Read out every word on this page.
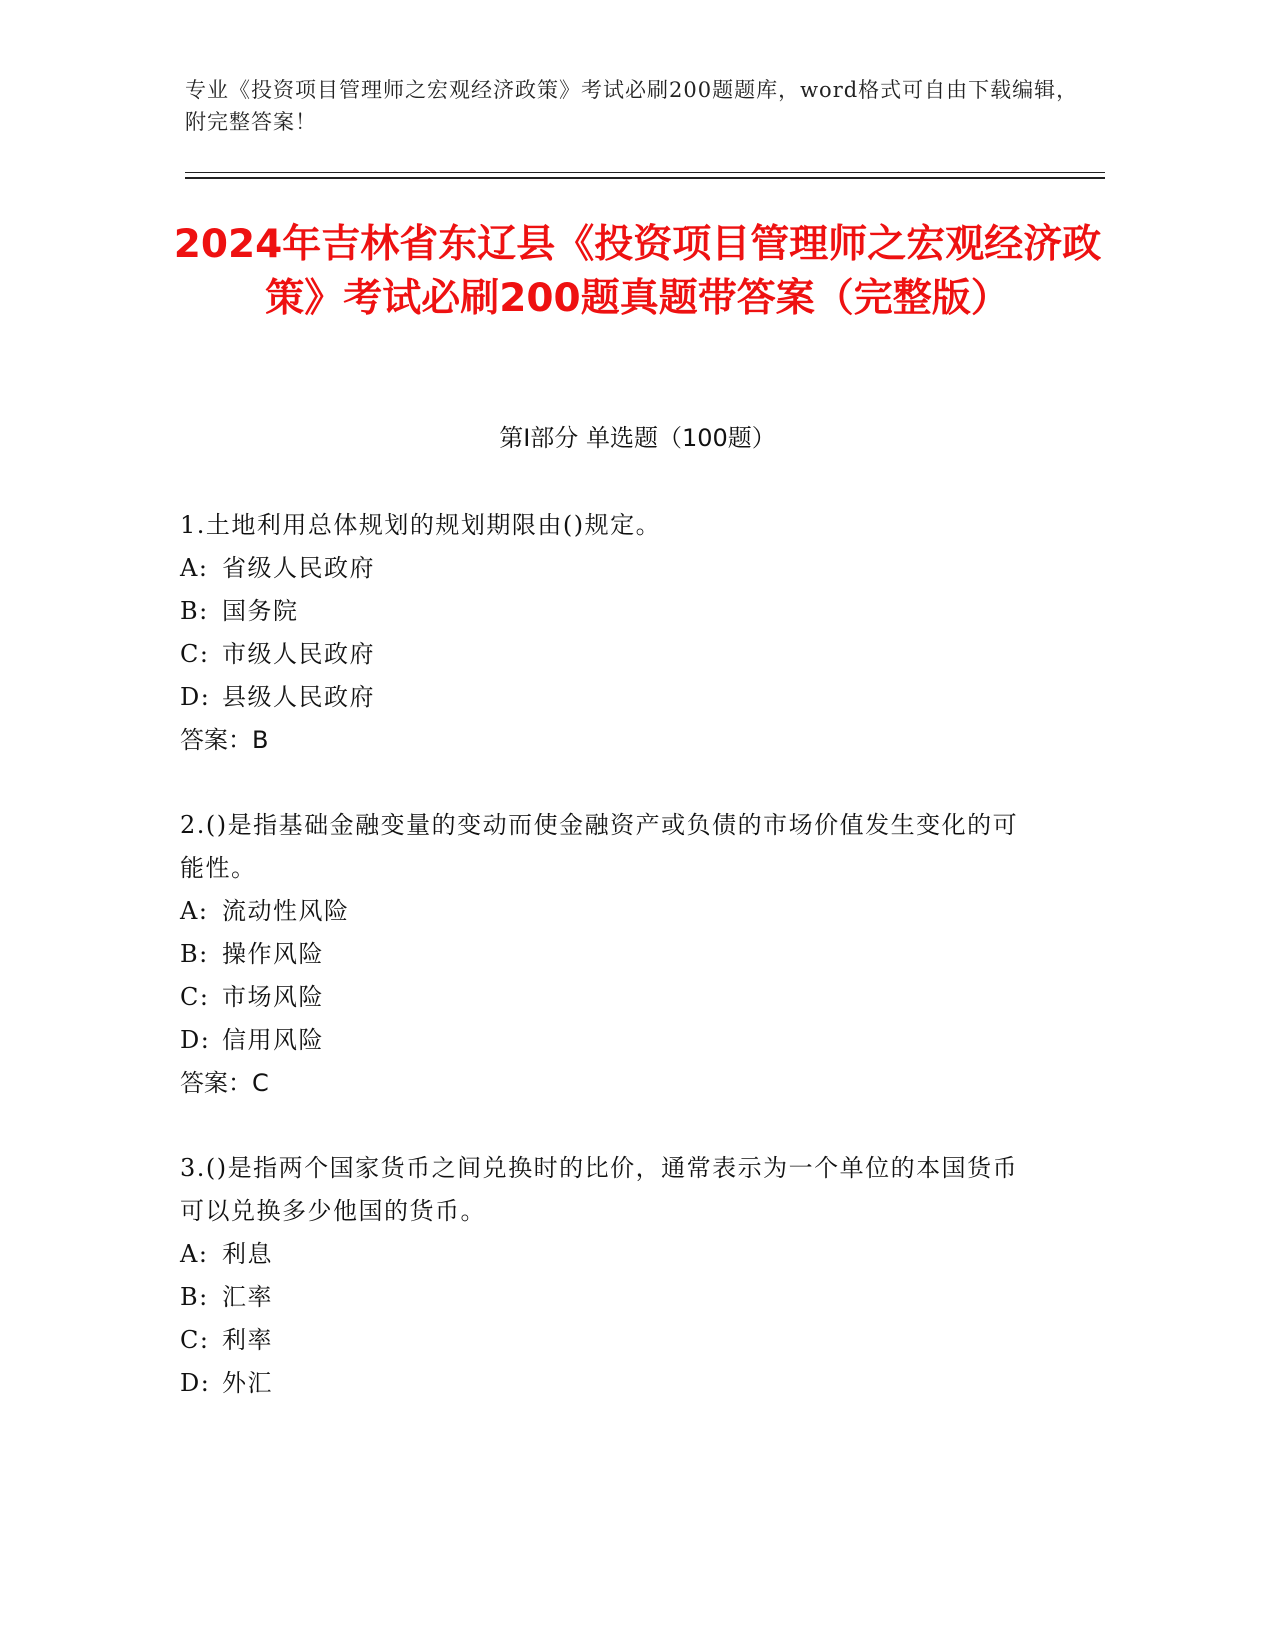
专业《投资项目管理师之宏观经济政策》考试必刷200题题库，word格式可自由下载编辑，附完整答案！
2024年吉林省东辽县《投资项目管理师之宏观经济政策》考试必刷200题真题带答案（完整版）
第Ⅰ部分 单选题（100题）
1.土地利用总体规划的规划期限由()规定。
A: 省级人民政府
B: 国务院
C: 市级人民政府
D: 县级人民政府
答案：B
2.()是指基础金融变量的变动而使金融资产或负债的市场价值发生变化的可能性。
A: 流动性风险
B: 操作风险
C: 市场风险
D: 信用风险
答案：C
3.()是指两个国家货币之间兑换时的比价，通常表示为一个单位的本国货币可以兑换多少他国的货币。
A: 利息
B: 汇率
C: 利率
D: 外汇
